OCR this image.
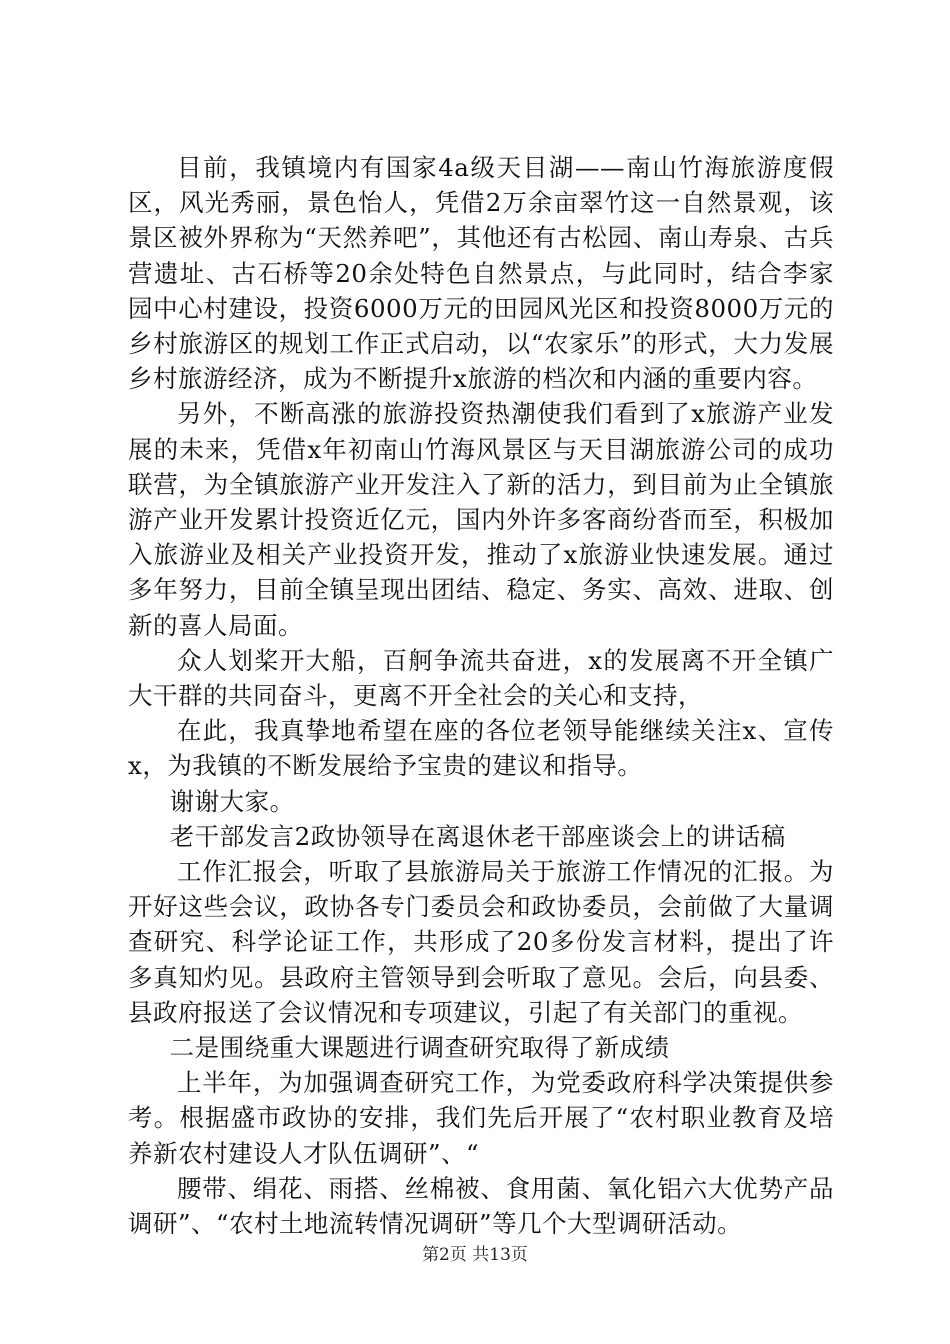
目前，我镇境内有国家4a级天目湖——南山竹海旅游度假区，风光秀丽，景色怡人，凭借2万余亩翠竹这一自然景观，该景区被外界称为“天然养吧”，其他还有古松园、南山寿泉、古兵营遗址、古石桥等20余处特色自然景点，与此同时，结合李家园中心村建设，投资6000万元的田园风光区和投资8000万元的乡村旅游区的规划工作正式启动，以“农家乐”的形式，大力发展乡村旅游经济，成为不断提升x旅游的档次和内涵的重要内容。

另外，不断高涨的旅游投资热潮使我们看到了x旅游产业发展的未来，凭借x年初南山竹海风景区与天目湖旅游公司的成功联营，为全镇旅游产业开发注入了新的活力，到目前为止全镇旅游产业开发累计投资近亿元，国内外许多客商纷沓而至，积极加入旅游业及相关产业投资开发，推动了x旅游业快速发展。通过多年努力，目前全镇呈现出团结、稳定、务实、高效、进取、创新的喜人局面。

众人划桨开大船，百舸争流共奋进，x的发展离不开全镇广大干群的共同奋斗，更离不开全社会的关心和支持，

在此，我真挚地希望在座的各位老领导能继续关注x、宣传x，为我镇的不断发展给予宝贵的建议和指导。

谢谢大家。

老干部发言2政协领导在离退休老干部座谈会上的讲话稿

工作汇报会，听取了县旅游局关于旅游工作情况的汇报。为开好这些会议，政协各专门委员会和政协委员，会前做了大量调查研究、科学论证工作，共形成了20多份发言材料，提出了许多真知灼见。县政府主管领导到会听取了意见。会后，向县委、县政府报送了会议情况和专项建议，引起了有关部门的重视。

二是围绕重大课题进行调查研究取得了新成绩

上半年，为加强调查研究工作，为党委政府科学决策提供参考。根据盛市政协的安排，我们先后开展了“农村职业教育及培养新农村建设人才队伍调研”、“

腰带、绢花、雨搭、丝棉被、食用菌、氧化铝六大优势产品调研”、“农村土地流转情况调研”等几个大型调研活动。

第2页 共13页
